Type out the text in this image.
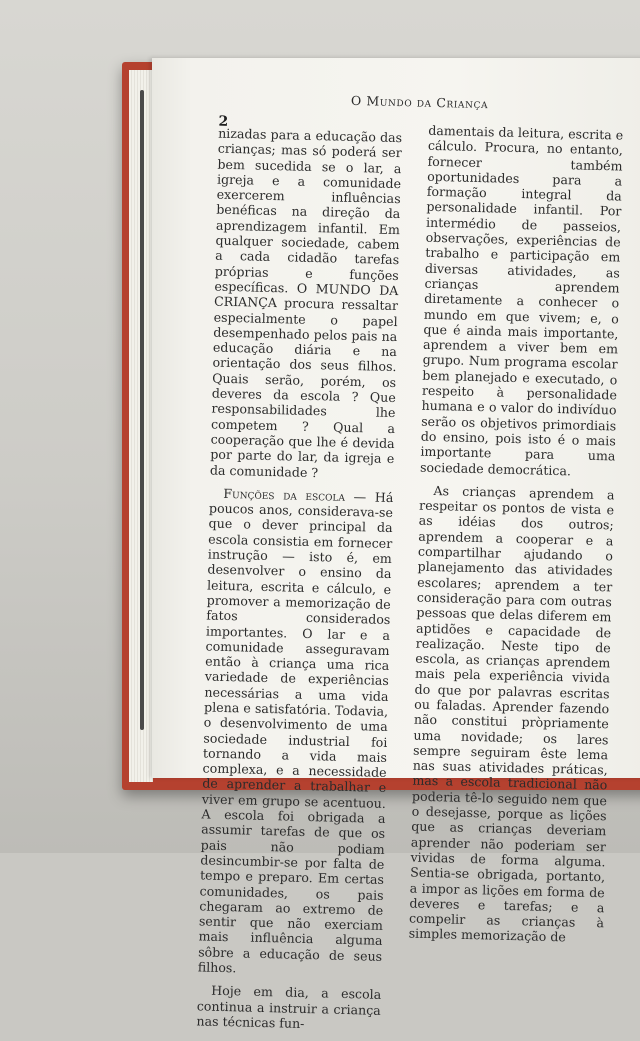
O Mundo da Criança
2

nizadas para a educação das crianças; mas só poderá ser bem sucedida se o lar, a igreja e a comunidade exercerem influências benéficas na direção da aprendizagem infantil. Em qualquer sociedade, cabem a cada cidadão tarefas próprias e funções específicas. O MUNDO DA CRIANÇA procura ressaltar especialmente o papel desempenhado pelos pais na educação diária e na orientação dos seus filhos. Quais serão, porém, os deveres da escola ? Que responsabilidades lhe competem ? Qual a cooperação que lhe é devida por parte do lar, da igreja e da comunidade ?

Funções da escola — Há poucos anos, considerava-se que o dever principal da escola consistia em fornecer instrução — isto é, em desenvolver o ensino da leitura, escrita e cálculo, e promover a memorização de fatos considerados importantes. O lar e a comunidade asseguravam então à criança uma rica variedade de experiências necessárias a uma vida plena e satisfatória. Todavia, o desenvolvimento de uma sociedade industrial foi tornando a vida mais complexa, e a necessidade de aprender a trabalhar e viver em grupo se acentuou. A escola foi obrigada a assumir tarefas de que os pais não podiam desincumbir-se por falta de tempo e preparo. Em certas comunidades, os pais chegaram ao extremo de sentir que não exerciam mais influência alguma sôbre a educação de seus filhos.

Hoje em dia, a escola continua a instruir a criança nas técnicas fun-

damentais da leitura, escrita e cálculo. Procura, no entanto, fornecer também oportunidades para a formação integral da personalidade infantil. Por intermédio de passeios, observações, experiências de trabalho e participação em diversas atividades, as crianças aprendem diretamente a conhecer o mundo em que vivem; e, o que é ainda mais importante, aprendem a viver bem em grupo. Num programa escolar bem planejado e executado, o respeito à personalidade humana e o valor do indivíduo serão os objetivos primordiais do ensino, pois isto é o mais importante para uma sociedade democrática.

As crianças aprendem a respeitar os pontos de vista e as idéias dos outros; aprendem a cooperar e a compartilhar ajudando o planejamento das atividades escolares; aprendem a ter consideração para com outras pessoas que delas diferem em aptidões e capacidade de realização. Neste tipo de escola, as crianças aprendem mais pela experiência vivida do que por palavras escritas ou faladas. Aprender fazendo não constitui pròpriamente uma novidade; os lares sempre seguiram êste lema nas suas atividades práticas, mas a escola tradicional não poderia tê-lo seguido nem que o desejasse, porque as lições que as crianças deveriam aprender não poderiam ser vividas de forma alguma. Sentia-se obrigada, portanto, a impor as lições em forma de deveres e tarefas; e a compelir as crianças à simples memorização de
